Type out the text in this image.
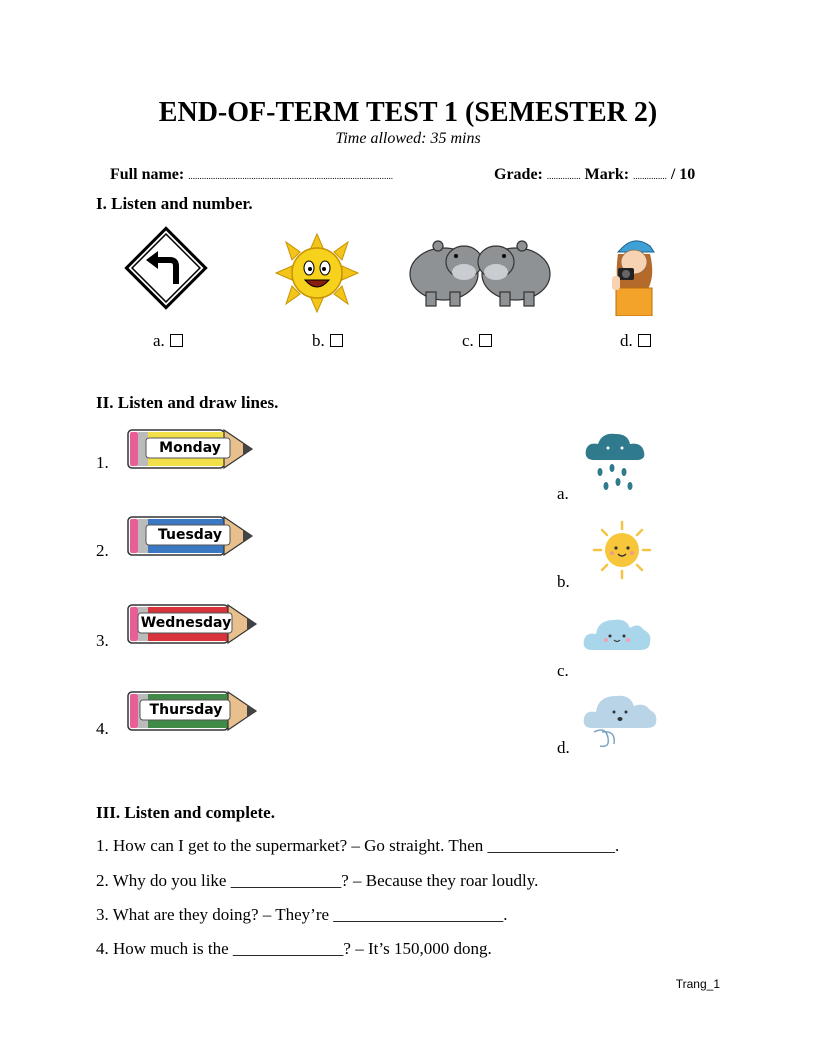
END-OF-TERM TEST 1 (SEMESTER 2)
Time allowed: 35 mins
Full name: ...........................................................................................	Grade: ............... Mark: ............... / 10
I. Listen and number.
a.	b.	c.	d.
II. Listen and draw lines.
1.
2.
3.
4.
Monday
Tuesday
Wednesday
Thursday
a.
b.
c.
d.
III. Listen and complete.
1. How can I get to the supermarket? – Go straight. Then _______________.
2. Why do you like _____________? – Because they roar loudly.
3. What are they doing? – They’re ____________________.
4. How much is the _____________? – It’s 150,000 dong.
Trang_1
